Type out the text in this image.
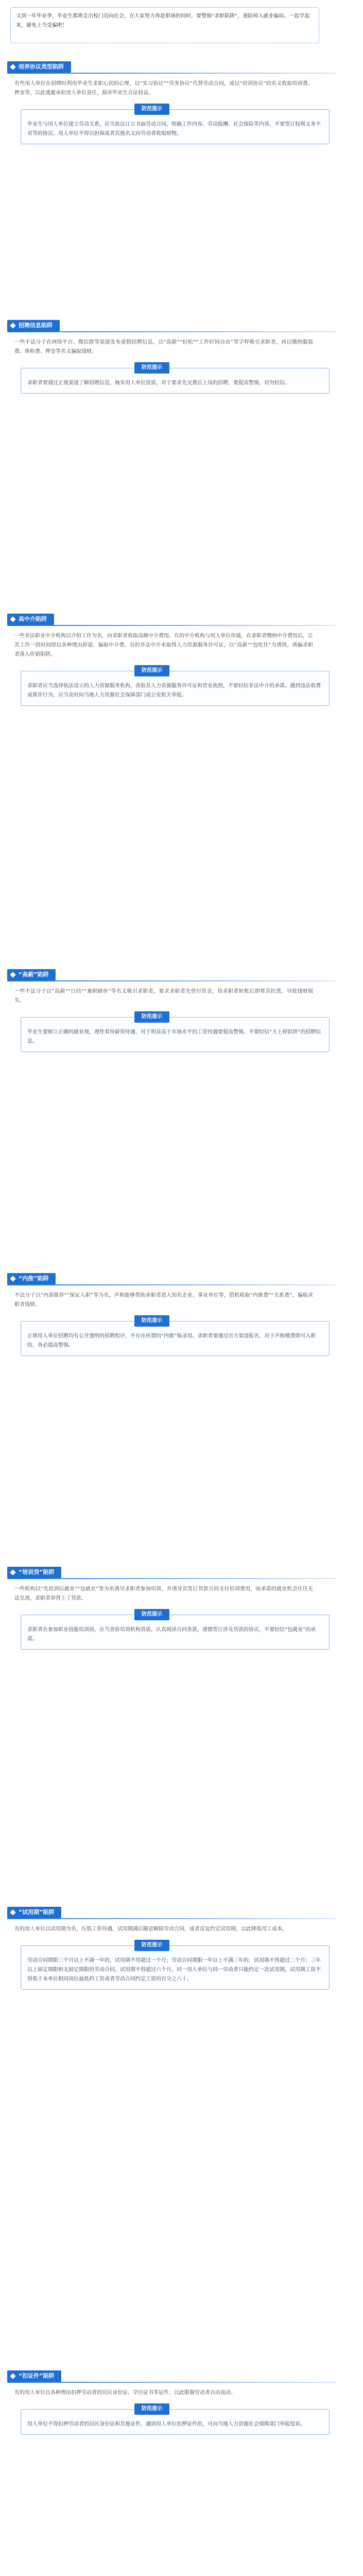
又到一年毕业季，毕业生都将走出校门迈向社会，在大家努力奔赴职场的同时，要警惕“求职陷阱”，谨防掉入就业骗局。一起学起来，避免上当受骗吧！
培养协议类型陷阱
有些用人单位在招聘时利用毕业生求职心切的心理，以“实习协议”“劳务协议”代替劳动合同，或以“培训协议”的名义收取培训费、押金等，以此逃避承担用人单位责任，损害毕业生合法权益。
防范提示
毕业生与用人单位建立劳动关系，应当依法订立书面劳动合同，明确工作内容、劳动报酬、社会保险等内容，不要签订权利义务不对等的协议。用人单位不得以担保或者其他名义向劳动者收取财物。
招聘信息陷阱
一些不法分子在网络平台、微信群等渠道发布虚假招聘信息，以“高薪”“轻松”“工作时间自由”等字样吸引求职者，再以缴纳服装费、体检费、押金等名义骗取钱财。
防范提示
求职者要通过正规渠道了解招聘信息，核实用人单位资质，对于要求先交费后上岗的招聘，要提高警惕，切勿轻信。
高中介陷阱
一些非法职业中介机构以介绍工作为名，向求职者收取高额中介费用。有的中介机构与用人单位串通，在求职者缴纳中介费用后，让其工作一段时间即以各种理由辞退，骗取中介费。有的非法中介未取得人力资源服务许可证，以“高薪”“包吃住”为诱饵，诱骗求职者落入传销陷阱。
防范提示
求职者应当选择依法设立的人力资源服务机构，查验其人力资源服务许可证和营业执照，不要轻信非法中介的承诺。遇到违法收费或欺诈行为，应当及时向当地人力资源社会保障部门或公安机关举报。
“高薪”陷阱
一些不法分子以“高薪”“日结”“兼职刷单”等名义吸引求职者，要求求职者先垫付资金，待求职者转账后即将其拉黑，导致钱财损失。
防范提示
毕业生要树立正确的就业观，理性看待薪资待遇，对于明显高于市场水平的工资待遇要提高警惕，不要轻信“天上掉馅饼”的招聘信息。
“内推”陷阱
不法分子以“内部推荐”“保证入职”等为名，声称能够帮助求职者进入知名企业、事业单位等，借机收取“内推费”“关系费”，骗取求职者钱财。
防范提示
正规用人单位招聘均有公开透明的招聘程序，不存在所谓的“内推”保录用。求职者要通过官方渠道报名，对于声称缴费即可入职的，务必提高警惕。
“培训贷”陷阱
一些机构以“先培训后就业”“包就业”等为名诱导求职者参加培训，并诱导其签订贷款合同支付培训费用，而承诺的就业机会往往无法兑现，求职者却背上了贷款。
防范提示
求职者在参加职业技能培训前，应当查验培训机构资质，认真阅读合同条款，谨慎签订涉及贷款的协议，不要轻信“包就业”的承诺。
“试用期”陷阱
有的用人单位以试用期为名，压低工资待遇，试用期满后随意解除劳动合同，或者反复约定试用期，以此降低用工成本。
防范提示
劳动合同期限三个月以上不满一年的，试用期不得超过一个月；劳动合同期限一年以上不满三年的，试用期不得超过二个月；三年以上固定期限和无固定期限的劳动合同，试用期不得超过六个月。同一用人单位与同一劳动者只能约定一次试用期。试用期工资不得低于本单位相同岗位最低档工资或者劳动合同约定工资的百分之八十。
“扣证件”陷阱
有的用人单位以各种理由扣押劳动者的居民身份证、学历证书等证件，以此限制劳动者自由流动。
防范提示
用人单位不得扣押劳动者的居民身份证和其他证件。遇到用人单位扣押证件的，可向当地人力资源社会保障部门举报投诉。
